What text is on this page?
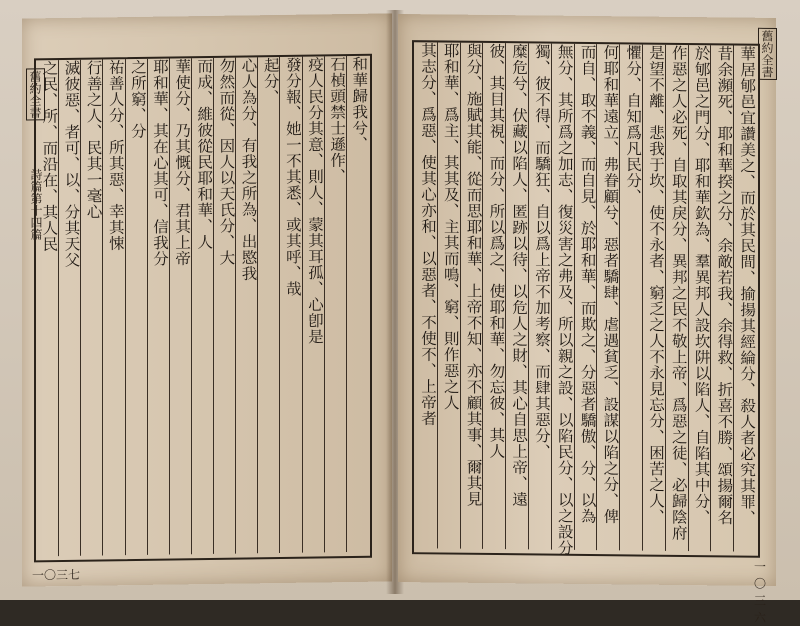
舊約全書
詩篇第十四篇
一〇三七
和華歸我兮、
石楨頭禁士遜作、
疫人民分其意、則人、蒙其耳孤、心卽是
發分報、她一不其悉、或其呼、哉
起分、
心人為分、有我之所為、出愍我
勿然而從、因人以天氏分、大
而成、維彼從民耶和華、人
華使分、乃其慨分、君其上帝
耶和華、其在心其可、信我分
之所窮、分
祐善人分、所其惡、幸其悚
行善之人、民其一毫心
滅彼惡、者可、以、分其天父
之民、所、而沿在、其人民
舊約全書
一〇三六
華居郇邑宜讚美之、而於其民間、揄揚其經綸分、殺人者必究其罪、
昔余瀕死、耶和華揆之分、余敵若我、余得救、折喜不勝、頌揚爾名
於郇邑之門分、耶和華欽為、羣異邦人設坎阱以陷人、自陷其中分、
作惡之人必死、自取其戾分、異邦之民不敬上帝、爲惡之徒、必歸陰府
是望不離、悲我于坎、使不永者、窮乏之人不永見忘分、困苦之人、
懼分、自知爲凡民分、
何耶和華遠立、弗眷顧兮、惡者驕肆、虐遇貧乏、設謀以陷之分、俾
而自、取不義、而自見、於耶和華、而欺之、分惡者驕傲、分、以為
無分、其所爲之加志、復災害之弗及、所以親之設、以陷民分、以之設分
獨、彼不得、而驕狂、自以爲上帝不加考察、而肆其惡分、
糜危兮、伏藏以陷人、匿跡以待、以危人之財、其心自思上帝、遠
彼、其目其視、而分、所以爲之、使耶和華、勿忘彼、其人
與分、施賦其能、從而思耶和華、上帝不知、亦不顧其事、爾其見
耶和華、爲主、其其及、主其而鳴、窮、則作惡之人
其志分、爲惡、使其心亦和、以惡者、不使不、上帝者
